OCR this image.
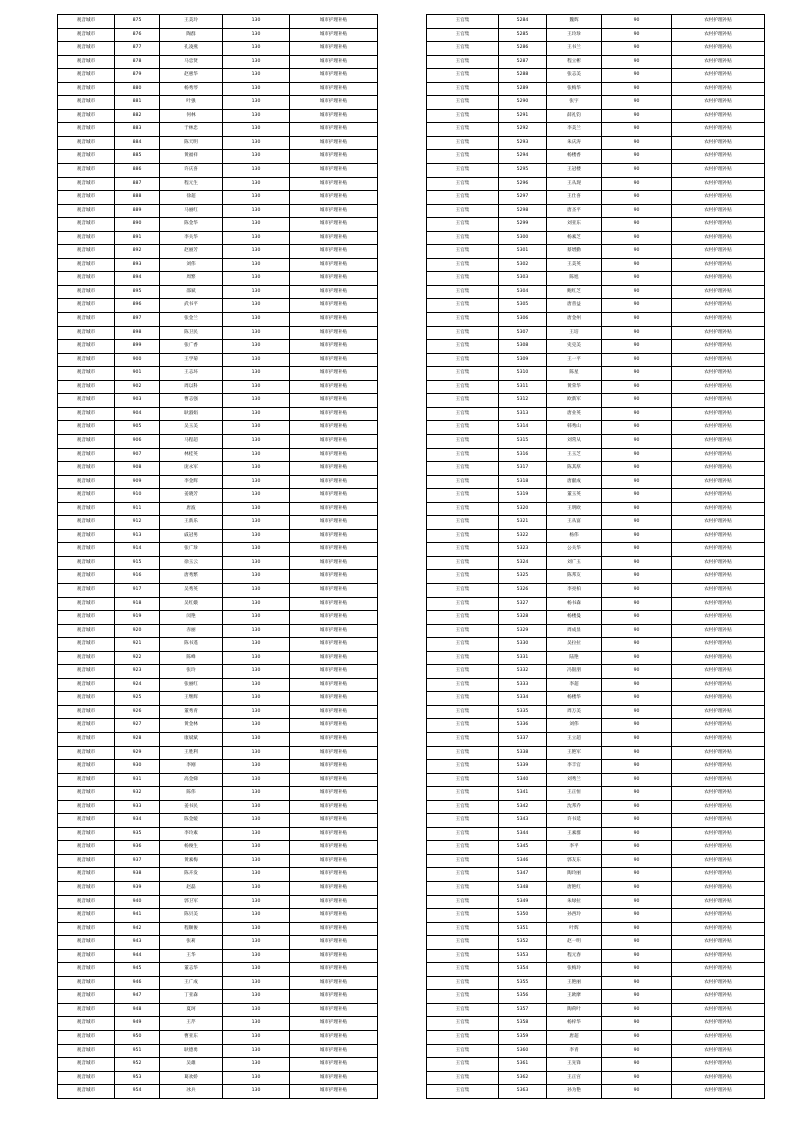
观音城市	875	王美玲	130	城市护理补贴
观音城市	876	陶群	130	城市护理补贴
观音城市	877	孔凌燕	130	城市护理补贴
观音城市	878	马忠贤	130	城市护理补贴
观音城市	879	赵惠华	130	城市护理补贴
观音城市	880	杨秀琴	130	城市护理补贴
观音城市	881	叶强	130	城市护理补贴
观音城市	882	何林	130	城市护理补贴
观音城市	883	于林忠	130	城市护理补贴
观音城市	884	陈天明	130	城市护理补贴
观音城市	885	黄福祥	130	城市护理补贴
观音城市	886	许庆喜	130	城市护理补贴
观音城市	887	程元生	130	城市护理补贴
观音城市	888	徐超	130	城市护理补贴
观音城市	889	马丽红	130	城市护理补贴
观音城市	890	陈金华	130	城市护理补贴
观音城市	891	李关华	130	城市护理补贴
观音城市	892	赵丽芳	130	城市护理补贴
观音城市	893	刘伟	130	城市护理补贴
观音城市	894	周繁	130	城市护理补贴
观音城市	895	邵斌	130	城市护理补贴
观音城市	896	武书平	130	城市护理补贴
观音城市	897	张金兰	130	城市护理补贴
观音城市	898	陈卫民	130	城市护理补贴
观音城市	899	张广香	130	城市护理补贴
观音城市	900	王学菊	130	城市护理补贴
观音城市	901	王志环	130	城市护理补贴
观音城市	902	周以科	130	城市护理补贴
观音城市	903	曹志强	130	城市护理补贴
观音城市	904	耿淑娟	130	城市护理补贴
观音城市	905	吴玉美	130	城市护理补贴
观音城市	906	马程超	130	城市护理补贴
观音城市	907	林桂英	130	城市护理补贴
观音城市	908	庞永军	130	城市护理补贴
观音城市	909	李金辉	130	城市护理补贴
观音城市	910	姜晓芳	130	城市护理补贴
观音城市	911	唐波	130	城市护理补贴
观音城市	912	王新乐	130	城市护理补贴
观音城市	913	戚冠男	130	城市护理补贴
观音城市	914	张广珍	130	城市护理补贴
观音城市	915	徐玉云	130	城市护理补贴
观音城市	916	唐秀繁	130	城市护理补贴
观音城市	917	吴秀英	130	城市护理补贴
观音城市	918	吴红娥	130	城市护理补贴
观音城市	919	闵艳	130	城市护理补贴
观音城市	920	赤丽	130	城市护理补贴
观音城市	921	陈书遥	130	城市护理补贴
观音城市	922	陈峰	130	城市护理补贴
观音城市	923	张玲	130	城市护理补贴
观音城市	924	张丽红	130	城市护理补贴
观音城市	925	王继辉	130	城市护理补贴
观音城市	926	董秀青	130	城市护理补贴
观音城市	927	黄金林	130	城市护理补贴
观音城市	928	康斌斌	130	城市护理补贴
观音城市	929	王胜利	130	城市护理补贴
观音城市	930	李刚	130	城市护理补贴
观音城市	931	高金娣	130	城市护理补贴
观音城市	932	陈伟	130	城市护理补贴
观音城市	933	姜书民	130	城市护理补贴
观音城市	934	陈金媛	130	城市护理补贴
观音城市	935	李玲素	130	城市护理补贴
观音城市	936	杨俊生	130	城市护理补贴
观音城市	937	黄素梅	130	城市护理补贴
观音城市	938	陈卉发	130	城市护理补贴
观音城市	939	赵磊	130	城市护理补贴
观音城市	940	郭卫军	130	城市护理补贴
观音城市	941	陈贝美	130	城市护理补贴
观音城市	942	程顺俊	130	城市护理补贴
观音城市	943	张莉	130	城市护理补贴
观音城市	944	王华	130	城市护理补贴
观音城市	945	董志华	130	城市护理补贴
观音城市	946	王广成	130	城市护理补贴
观音城市	947	丁亚森	130	城市护理补贴
观音城市	948	夏珂	130	城市护理补贴
观音城市	949	王芹	130	城市护理补贴
观音城市	950	曹亚东	130	城市护理补贴
观音城市	951	耿德勇	130	城市护理补贴
观音城市	952	吴雄	130	城市护理补贴
观音城市	953	葛欢娇	130	城市护理补贴
观音城市	954	冰兵	130	城市护理补贴
王官集	5284	魏辉	90	农村护理补贴
王官集	5285	王玲珍	90	农村护理补贴
王官集	5286	王书兰	90	农村护理补贴
王官集	5287	程立彬	90	农村护理补贴
王官集	5288	张志美	90	农村护理补贴
王官集	5289	张梅华	90	农村护理补贴
王官集	5290	张宇	90	农村护理补贴
王官集	5291	薛礼钧	90	农村护理补贴
王官集	5292	李美兰	90	农村护理补贴
王官集	5293	朱庆涛	90	农村护理补贴
王官集	5294	杨楼香	90	农村护理补贴
王官集	5295	王冠楼	90	农村护理补贴
王官集	5296	王从现	90	农村护理补贴
王官集	5297	王仕喜	90	农村护理补贴
王官集	5298	唐圣平	90	农村护理补贴
王官集	5299	刘亚东	90	农村护理补贴
王官集	5300	杨素芝	90	农村护理补贴
王官集	5301	蔡增勤	90	农村护理补贴
王官集	5302	王美英	90	农村护理补贴
王官集	5303	陈旭	90	农村护理补贴
王官集	5304	鲍红芝	90	农村护理补贴
王官集	5305	唐普益	90	农村护理补贴
王官集	5306	唐金州	90	农村护理补贴
王官集	5307	王培	90	农村护理补贴
王官集	5308	史克美	90	农村护理补贴
王官集	5309	王一平	90	农村护理补贴
王官集	5310	陈星	90	农村护理补贴
王官集	5311	黄荣华	90	农村护理补贴
王官集	5312	欧新军	90	农村护理补贴
王官集	5313	唐业英	90	农村护理补贴
王官集	5314	韩秀山	90	农村护理补贴
王官集	5315	刘常从	90	农村护理补贴
王官集	5316	王玉芝	90	农村护理补贴
王官集	5317	陈其厚	90	农村护理补贴
王官集	5318	唐献成	90	农村护理补贴
王官集	5319	董玉英	90	农村护理补贴
王官集	5320	王明欧	90	农村护理补贴
王官集	5321	王从富	90	农村护理补贴
王官集	5322	杨伟	90	农村护理补贴
王官集	5323	公关华	90	农村护理补贴
王官集	5324	刘广玉	90	农村护理补贴
王官集	5325	陈邦友	90	农村护理补贴
王官集	5326	李亮柏	90	农村护理补贴
王官集	5327	杨书森	90	农村护理补贴
王官集	5328	杨楼曼	90	农村护理补贴
王官集	5329	周成显	90	农村护理补贴
王官集	5330	吴拉拉	90	农村护理补贴
王官集	5331	陆艳	90	农村护理补贴
王官集	5332	冯银朋	90	农村护理补贴
王官集	5333	李超	90	农村护理补贴
王官集	5334	杨楼华	90	农村护理补贴
王官集	5335	周万美	90	农村护理补贴
王官集	5336	刘伟	90	农村护理补贴
王官集	5337	王立超	90	农村护理补贴
王官集	5338	王艳军	90	农村护理补贴
王官集	5339	李丰官	90	农村护理补贴
王官集	5340	刘秀兰	90	农村护理补贴
王官集	5341	王正恒	90	农村护理补贴
王官集	5342	沈邦乔	90	农村护理补贴
王官集	5343	许书延	90	农村护理补贴
王官集	5344	王素群	90	农村护理补贴
王官集	5345	李平	90	农村护理补贴
王官集	5346	郭友东	90	农村护理补贴
王官集	5347	陶玲丽	90	农村护理补贴
王官集	5348	唐艳红	90	农村护理补贴
王官集	5349	朱绿拉	90	农村护理补贴
王官集	5350	孙西玲	90	农村护理补贴
王官集	5351	叶辉	90	农村护理补贴
王官集	5352	赵一明	90	农村护理补贴
王官集	5353	程元春	90	农村护理补贴
王官集	5354	张梅玲	90	农村护理补贴
王官集	5355	王艳丽	90	农村护理补贴
王官集	5356	王欧摩	90	农村护理补贴
王官集	5357	陶荷叶	90	农村护理补贴
王官集	5358	杨梓华	90	农村护理补贴
王官集	5359	唐超	90	农村护理补贴
王官集	5360	李青	90	农村护理补贴
王官集	5361	王先锋	90	农村护理补贴
王官集	5362	王正宫	90	农村护理补贴
王官集	5363	孙为艳	90	农村护理补贴
